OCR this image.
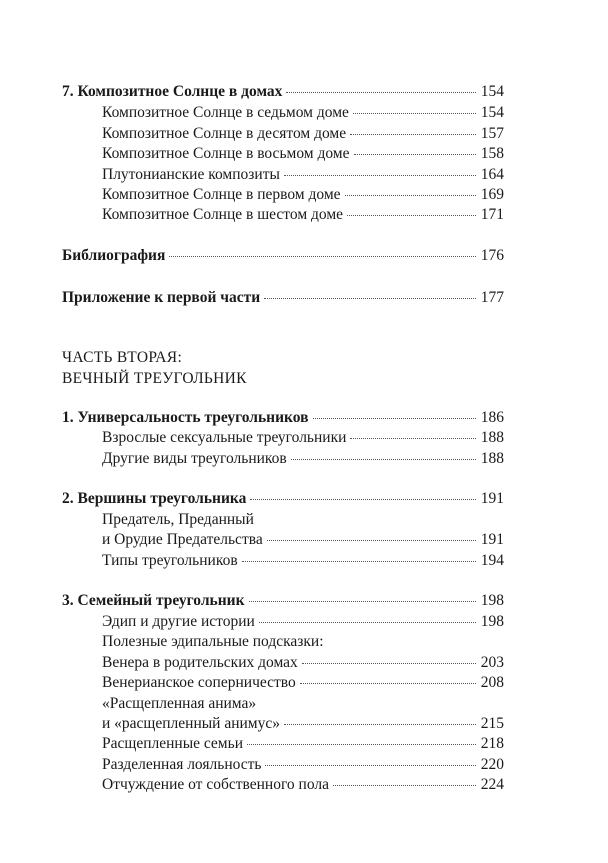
7. Композитное Солнце в домах	154
Композитное Солнце в седьмом доме	154
Композитное Солнце в десятом доме	157
Композитное Солнце в восьмом доме	158
Плутонианские композиты	164
Композитное Солнце в первом доме	169
Композитное Солнце в шестом доме	171
Библиография	176
Приложение к первой части	177
ЧАСТЬ ВТОРАЯ:
ВЕЧНЫЙ ТРЕУГОЛЬНИК
1. Универсальность треугольников	186
Взрослые сексуальные треугольники	188
Другие виды треугольников	188
2. Вершины треугольника	191
Предатель, Преданный
и Орудие Предательства	191
Типы треугольников	194
3. Семейный треугольник	198
Эдип и другие истории	198
Полезные эдипальные подсказки:
Венера в родительских домах	203
Венерианское соперничество	208
«Расщепленная анима»
и «расщепленный анимус»	215
Расщепленные семьи	218
Разделенная лояльность	220
Отчуждение от собственного пола	224
